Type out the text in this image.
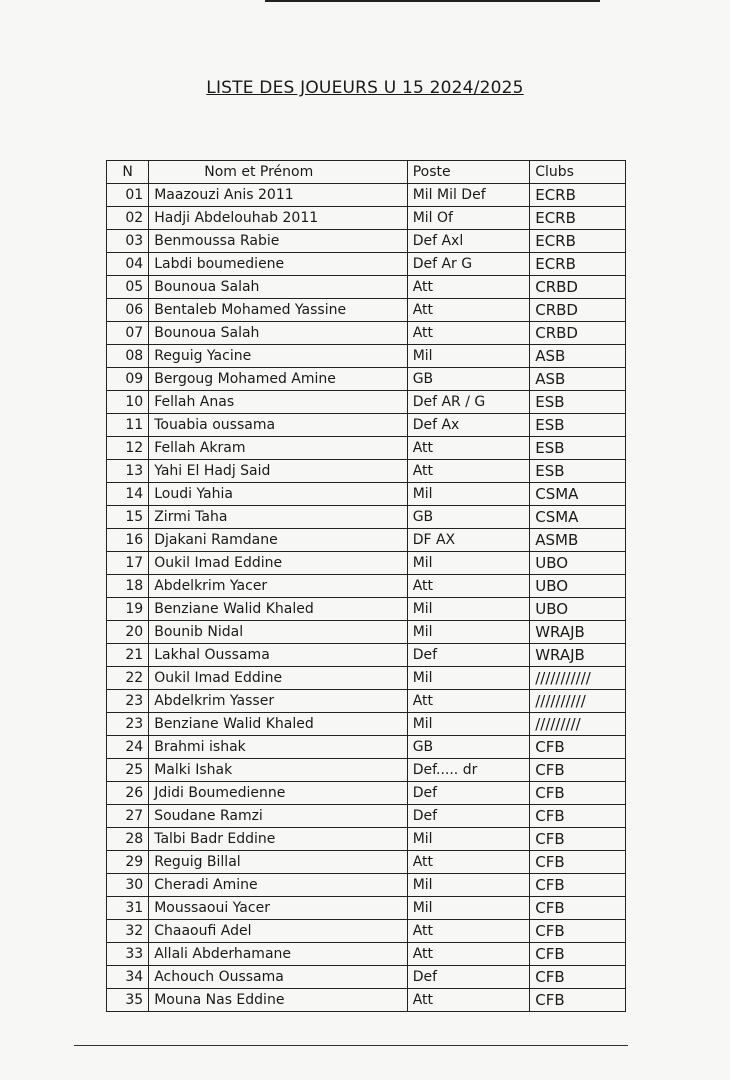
LISTE DES JOUEURS U 15 2024/2025
N	Nom et Prénom	Poste	Clubs
01	Maazouzi Anis 2011	Mil Mil Def	ECRB
02	Hadji Abdelouhab 2011	Mil Of	ECRB
03	Benmoussa Rabie	Def Axl	ECRB
04	Labdi boumediene	Def Ar G	ECRB
05	Bounoua Salah	Att	CRBD
06	Bentaleb Mohamed Yassine	Att	CRBD
07	Bounoua Salah	Att	CRBD
08	Reguig Yacine	Mil	ASB
09	Bergoug Mohamed Amine	GB	ASB
10	Fellah Anas	Def AR / G	ESB
11	Touabia oussama	Def Ax	ESB
12	Fellah Akram	Att	ESB
13	Yahi El Hadj Said	Att	ESB
14	Loudi Yahia	Mil	CSMA
15	Zirmi Taha	GB	CSMA
16	Djakani Ramdane	DF AX	ASMB
17	Oukil Imad Eddine	Mil	UBO
18	Abdelkrim Yacer	Att	UBO
19	Benziane Walid Khaled	Mil	UBO
20	Bounib Nidal	Mil	WRAJB
21	Lakhal Oussama	Def	WRAJB
22	Oukil Imad Eddine	Mil	///////////
23	Abdelkrim Yasser	Att	//////////
23	Benziane Walid Khaled	Mil	/////////
24	Brahmi ishak	GB	CFB
25	Malki Ishak	Def..... dr	CFB
26	Jdidi Boumedienne	Def	CFB
27	Soudane Ramzi	Def	CFB
28	Talbi Badr Eddine	Mil	CFB
29	Reguig Billal	Att	CFB
30	Cheradi Amine	Mil	CFB
31	Moussaoui Yacer	Mil	CFB
32	Chaaoufi Adel	Att	CFB
33	Allali Abderhamane	Att	CFB
34	Achouch Oussama	Def	CFB
35	Mouna Nas Eddine	Att	CFB
